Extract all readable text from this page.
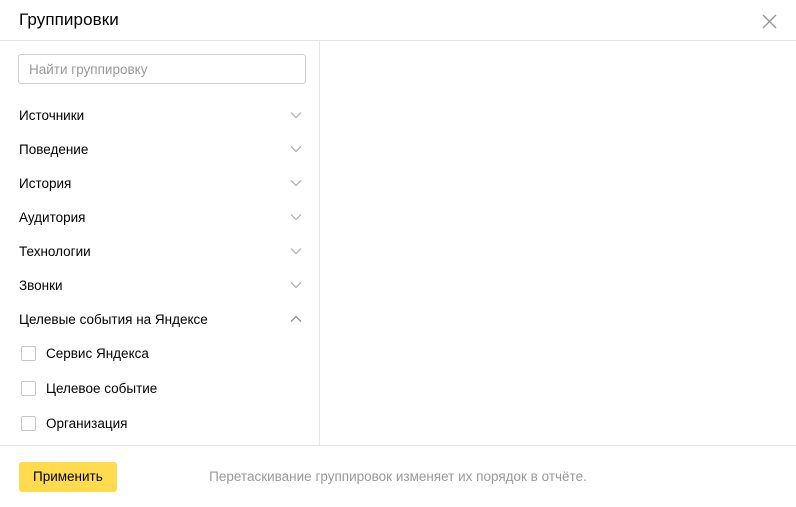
Группировки
Найти группировку
Источники
Поведение
История
Аудитория
Технологии
Звонки
Целевые события на Яндексе
Сервис Яндекса
Целевое событие
Организация
Применить	Перетаскивание группировок изменяет их порядок в отчёте.
